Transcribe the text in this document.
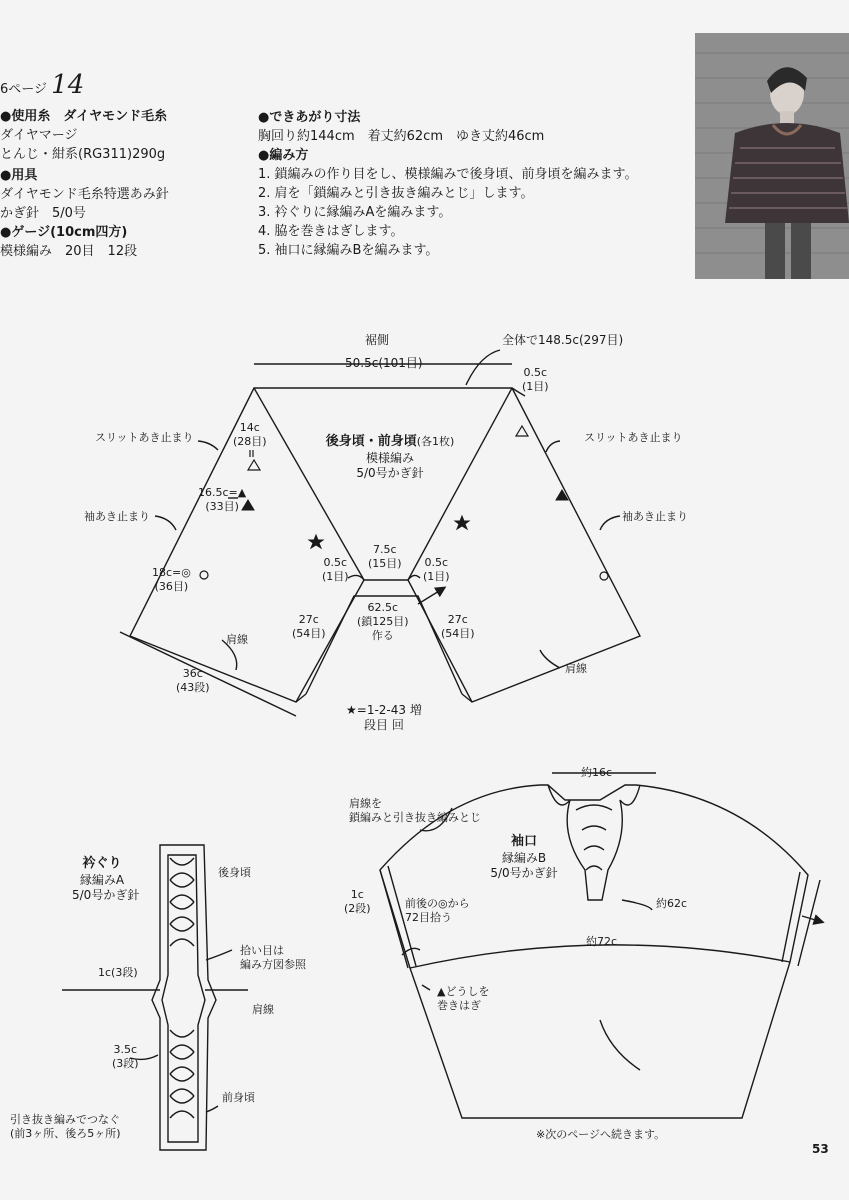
6ページ 14
●使用糸　ダイヤモンド毛糸
ダイヤマージ
とんじ・紺系(RG311)290g
●用具
ダイヤモンド毛糸特選あみ針
かぎ針　5/0号
●ゲージ(10cm四方)
模様編み　20目　12段
●できあがり寸法
胸回り約144cm　着丈約62cm　ゆき丈約46cm
●編み方
1. 鎖編みの作り目をし、模様編みで後身頃、前身頃を編みます。
2. 肩を「鎖編みと引き抜き編みとじ」します。
3. 衿ぐりに縁編みAを編みます。
4. 脇を巻きはぎします。
5. 袖口に縁編みBを編みます。
裾側	全体で148.5c(297目)
50.5c(101目)
0.5c
(1目)
後身頃・前身頃(各1枚)
模様編み
5/0号かぎ針
スリットあき止まり	スリットあき止まり
14c
(28目)
16.5c=▲
(33目)
袖あき止まり	袖あき止まり
18c=◎
(36目)
0.5c
(1目)
7.5c
(15目) 0.5c
(1目)
27c
(54目)
62.5c
(鎖125目)
作る
27c
(54目)
肩線
肩線
36c
(43段)
★=1-2-43 増
段目 回
衿ぐり
縁編みA
5/0号かぎ針
後身頃
拾い目は
編み方図参照
1c(3段)
肩線
3.5c
(3段)
前身頃
引き抜き編みでつなぐ
(前3ヶ所、後ろ5ヶ所)
約16c
肩線を
鎖編みと引き抜き編みとじ
袖口
縁編みB
5/0号かぎ針
1c
(2段)	前後の◎から
72目拾う
約62c
約72c
▲どうしを
巻きはぎ
※次のページへ続きます。
53
